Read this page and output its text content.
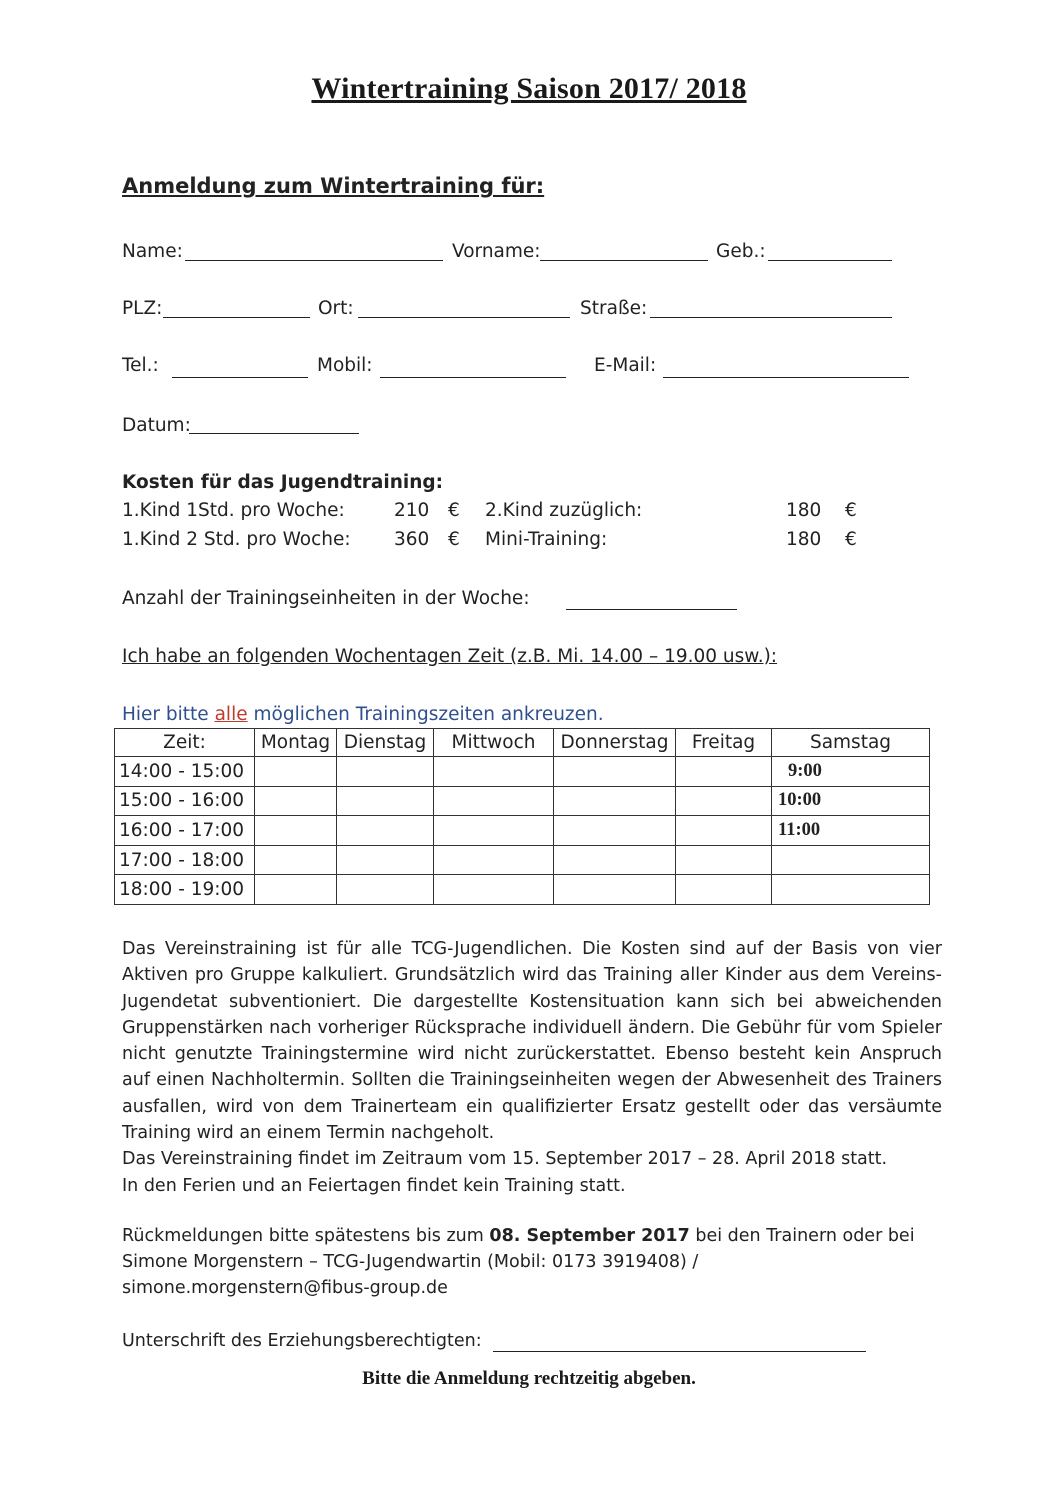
Wintertraining Saison 2017/ 2018
Anmeldung zum Wintertraining für:
Name:	Vorname:	Geb.:
PLZ:	Ort:	Straße:
Tel.:	Mobil:	E-Mail:
Datum:
Kosten für das Jugendtraining:
1.Kind 1Std. pro Woche:	210 € 2.Kind zuzüglich:	180 €
1.Kind 2 Std. pro Woche: 360 € Mini-Training:	180 €
Anzahl der Trainingseinheiten in der Woche:
Ich habe an folgenden Wochentagen Zeit (z.B. Mi. 14.00 – 19.00 usw.):
Hier bitte alle möglichen Trainingszeiten ankreuzen.
Zeit:	Montag	Dienstag	Mittwoch	Donnerstag	Freitag	Samstag
14:00 - 15:00						9:00
15:00 - 16:00						10:00
16:00 - 17:00						11:00
17:00 - 18:00						
18:00 - 19:00						

Das Vereinstraining ist für alle TCG-Jugendlichen. Die Kosten sind auf der Basis von vier Aktiven pro Gruppe kalkuliert. Grundsätzlich wird das Training aller Kinder aus dem Vereins-Jugendetat subventioniert. Die dargestellte Kostensituation kann sich bei abweichenden Gruppenstärken nach vorheriger Rücksprache individuell ändern. Die Gebühr für vom Spieler nicht genutzte Trainingstermine wird nicht zurückerstattet. Ebenso besteht kein Anspruch auf einen Nachholtermin. Sollten die Trainingseinheiten wegen der Abwesenheit des Trainers ausfallen, wird von dem Trainerteam ein qualifizierter Ersatz gestellt oder das versäumte Training wird an einem Termin nachgeholt.

Das Vereinstraining findet im Zeitraum vom 15. September 2017 – 28. April 2018 statt.

In den Ferien und an Feiertagen findet kein Training statt.

Rückmeldungen bitte spätestens bis zum 08. September 2017 bei den Trainern oder bei
Simone Morgenstern – TCG-Jugendwartin (Mobil: 0173 3919408) /
simone.morgenstern@fibus-group.de
Unterschrift des Erziehungsberechtigten:
Bitte die Anmeldung rechtzeitig abgeben.
